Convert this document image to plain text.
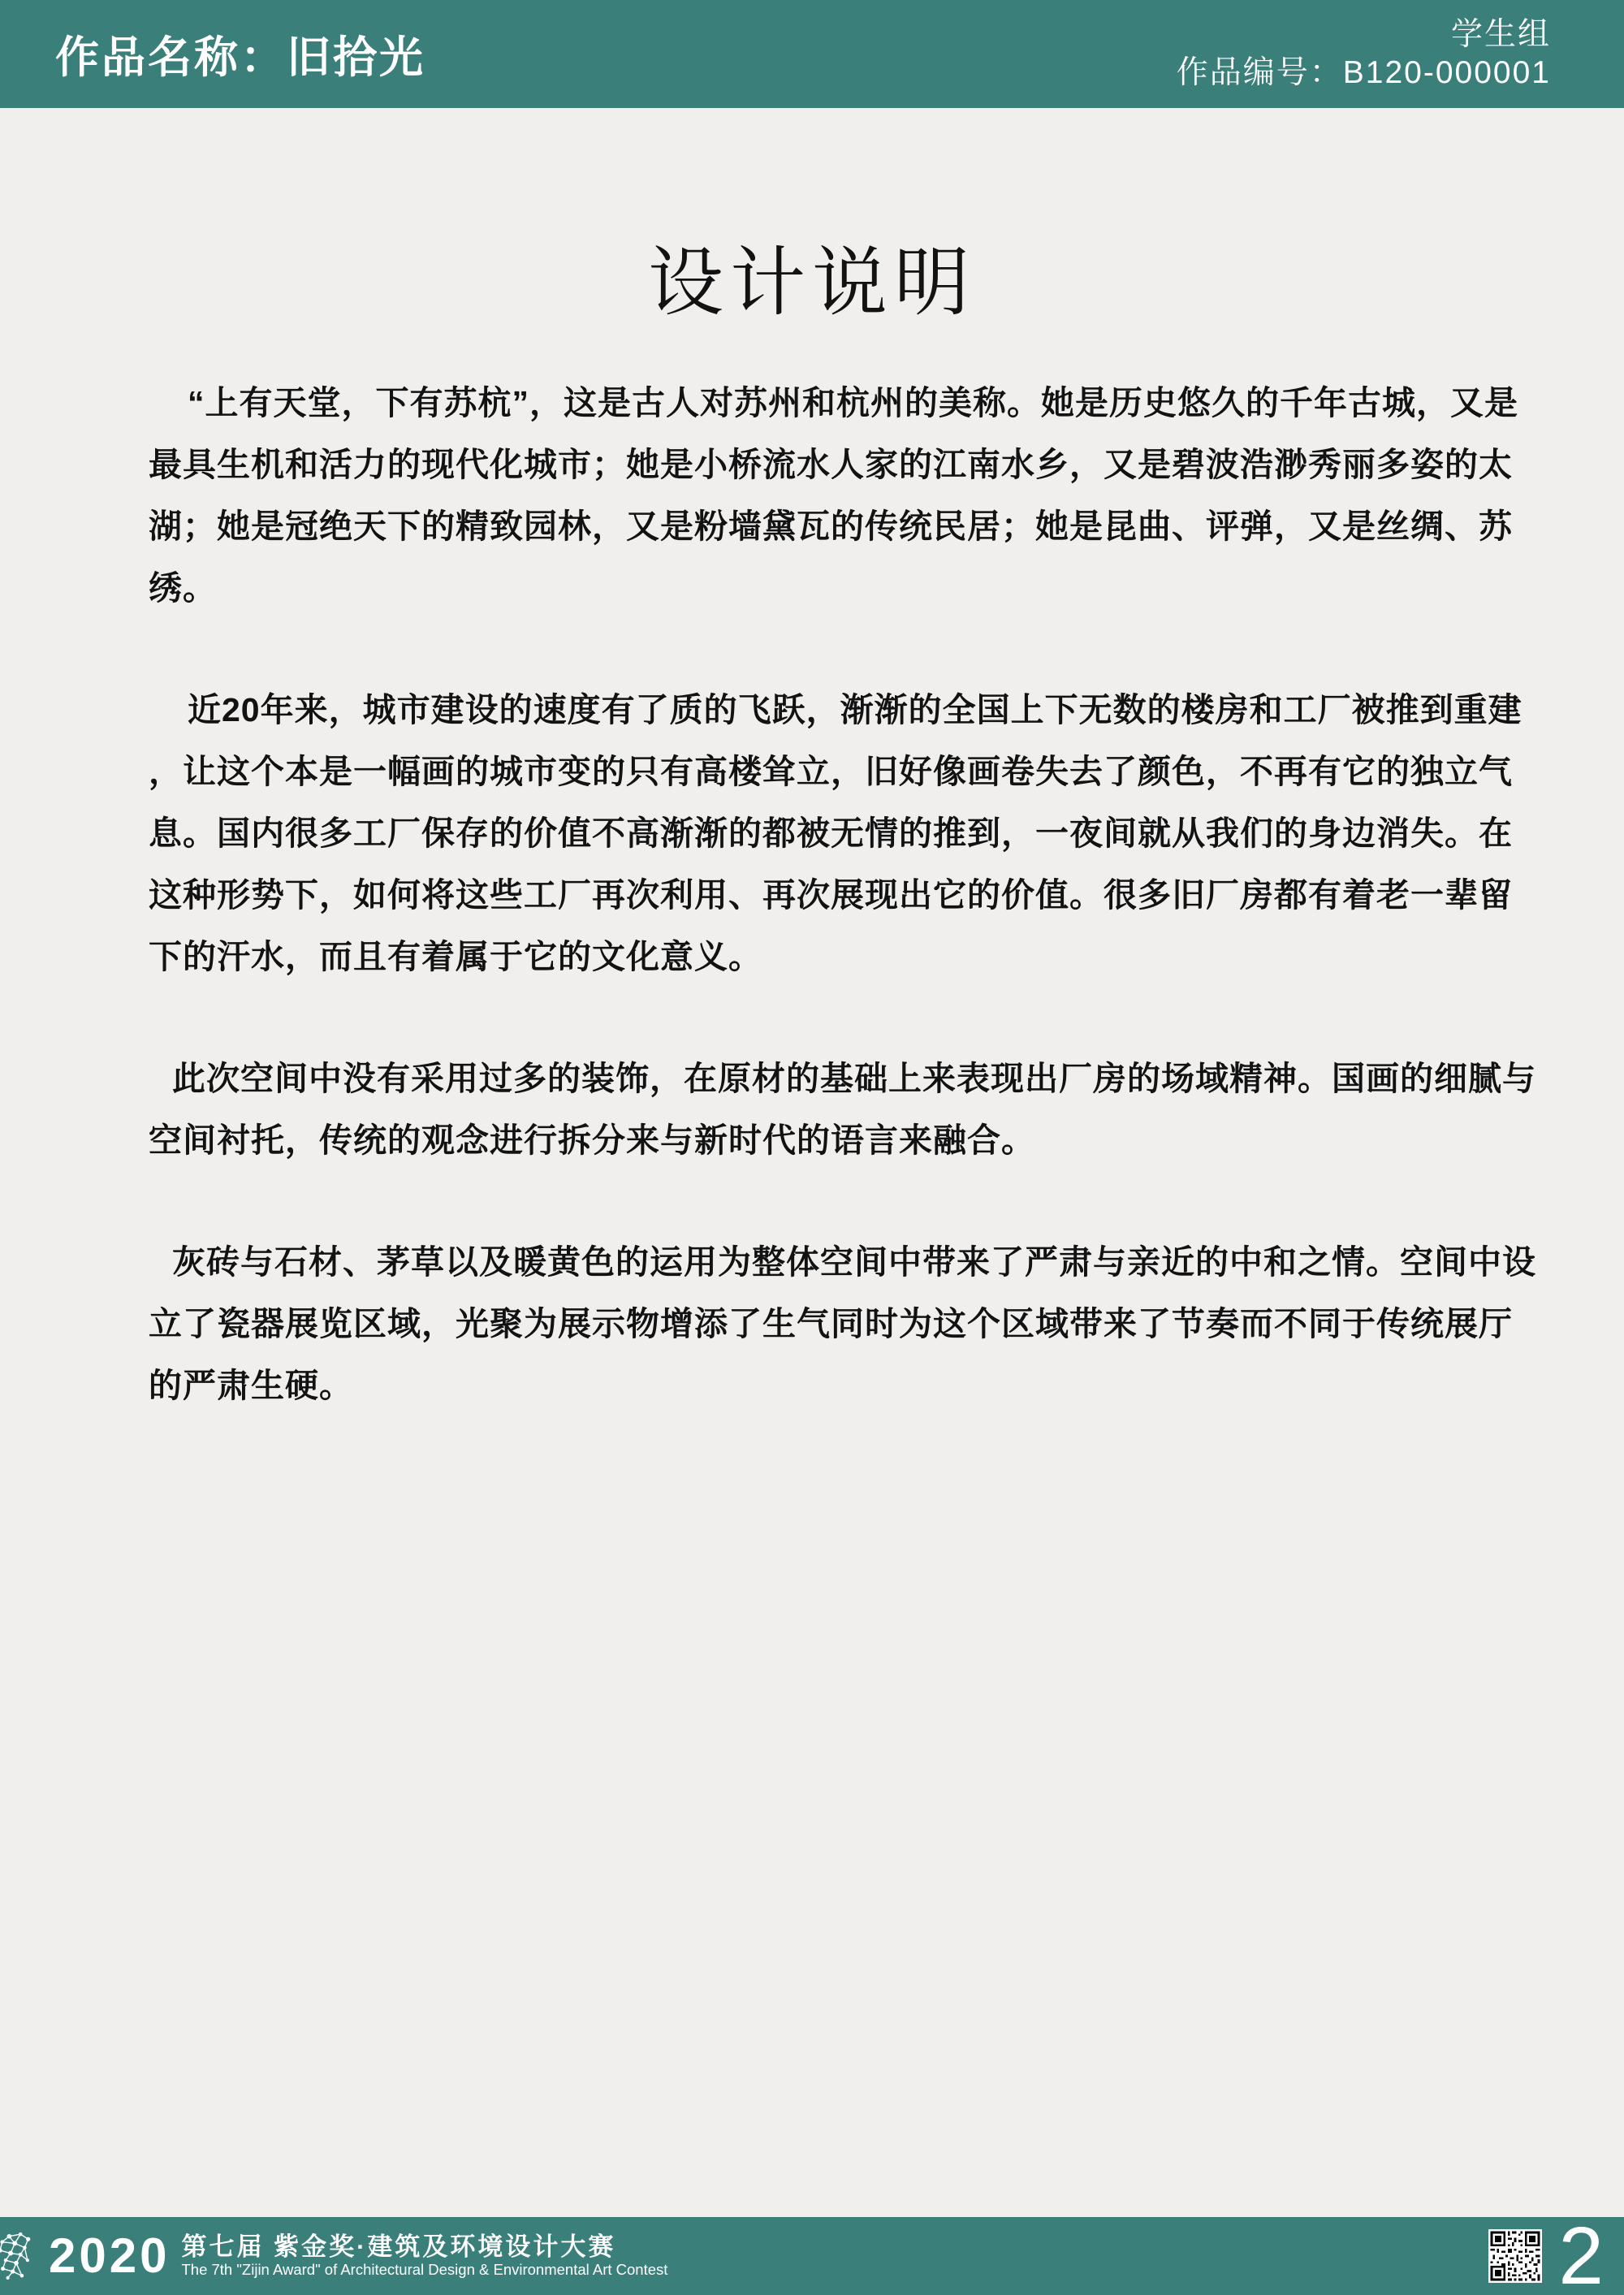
作品名称：旧拾光	学生组
作品编号：B120-000001
设计说明
“上有天堂，下有苏杭”，这是古人对苏州和杭州的美称。她是历史悠久的千年古城，又是
最具生机和活力的现代化城市；她是小桥流水人家的江南水乡，又是碧波浩渺秀丽多姿的太
湖；她是冠绝天下的精致园林，又是粉墙黛瓦的传统民居；她是昆曲、评弹，又是丝绸、苏
绣。
近20年来，城市建设的速度有了质的飞跃，渐渐的全国上下无数的楼房和工厂被推到重建
，让这个本是一幅画的城市变的只有高楼耸立，旧好像画卷失去了颜色，不再有它的独立气
息。国内很多工厂保存的价值不高渐渐的都被无情的推到，一夜间就从我们的身边消失。在
这种形势下，如何将这些工厂再次利用、再次展现出它的价值。很多旧厂房都有着老一辈留
下的汗水，而且有着属于它的文化意义。
此次空间中没有采用过多的装饰，在原材的基础上来表现出厂房的场域精神。国画的细腻与
空间衬托，传统的观念进行拆分来与新时代的语言来融合。
灰砖与石材、茅草以及暖黄色的运用为整体空间中带来了严肃与亲近的中和之情。空间中设
立了瓷器展览区域，光聚为展示物增添了生气同时为这个区域带来了节奏而不同于传统展厅
的严肃生硬。
2020 第七届 紫金奖·建筑及环境设计大赛
The 7th "Zijin Award" of Architectural Design & Environmental Art Contest	2
